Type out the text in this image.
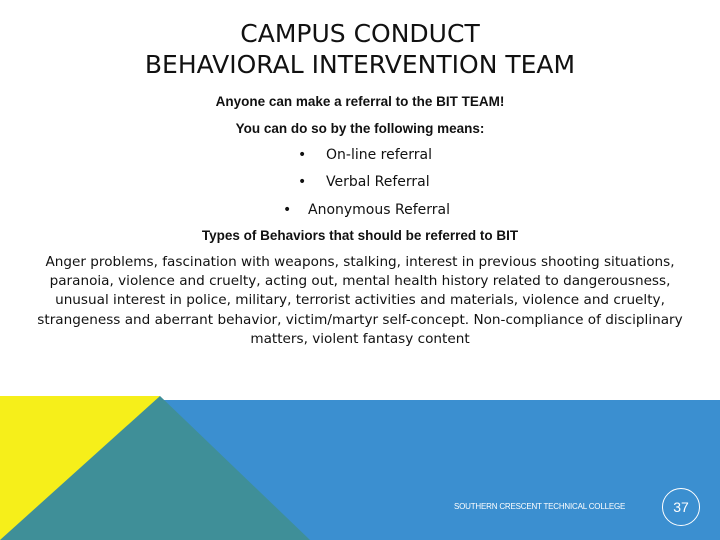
CAMPUS CONDUCT
BEHAVIORAL INTERVENTION TEAM
Anyone can make a referral to the BIT TEAM!
You can do so by the following means:
• On-line referral
• Verbal Referral
• Anonymous Referral
Types of Behaviors that should be referred to BIT
Anger problems, fascination with weapons, stalking, interest in previous shooting situations, paranoia, violence and cruelty, acting out, mental health history related to dangerousness, unusual interest in police, military, terrorist activities and materials, violence and cruelty, strangeness and aberrant behavior, victim/martyr self-concept. Non-compliance of disciplinary matters, violent fantasy content
SOUTHERN CRESCENT TECHNICAL COLLEGE	37
